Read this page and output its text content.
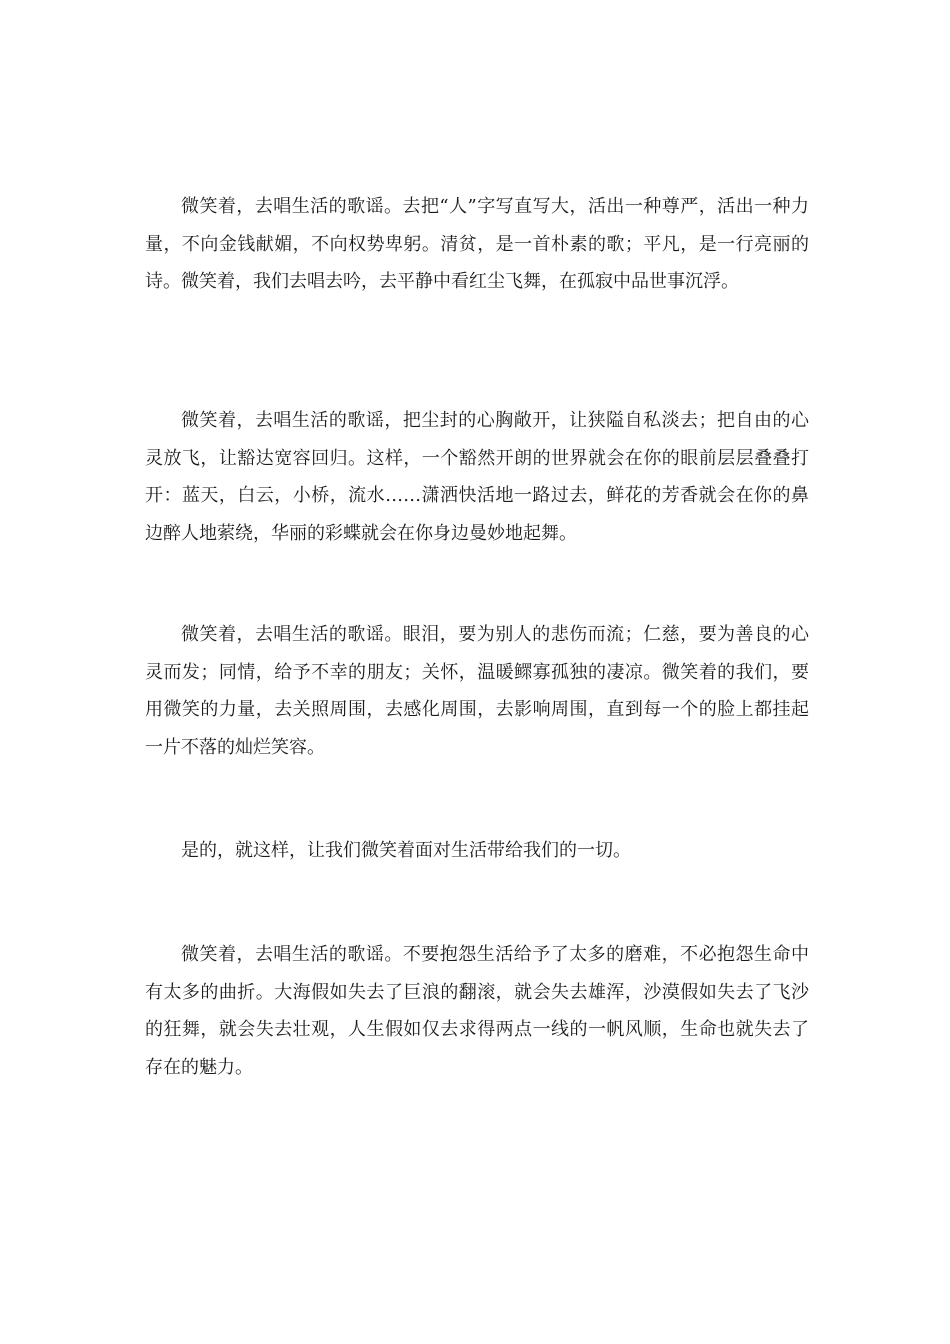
微笑着，去唱生活的歌谣。去把“人”字写直写大，活出一种尊严，活出一种力量，不向金钱献媚，不向权势卑躬。清贫，是一首朴素的歌；平凡，是一行亮丽的诗。微笑着，我们去唱去吟，去平静中看红尘飞舞，在孤寂中品世事沉浮。

微笑着，去唱生活的歌谣，把尘封的心胸敞开，让狭隘自私淡去；把自由的心灵放飞，让豁达宽容回归。这样，一个豁然开朗的世界就会在你的眼前层层叠叠打开：蓝天，白云，小桥，流水……潇洒快活地一路过去，鲜花的芳香就会在你的鼻边醉人地萦绕，华丽的彩蝶就会在你身边曼妙地起舞。

微笑着，去唱生活的歌谣。眼泪，要为别人的悲伤而流；仁慈，要为善良的心灵而发；同情，给予不幸的朋友；关怀，温暖鳏寡孤独的凄凉。微笑着的我们，要用微笑的力量，去关照周围，去感化周围，去影响周围，直到每一个的脸上都挂起一片不落的灿烂笑容。

是的，就这样，让我们微笑着面对生活带给我们的一切。

微笑着，去唱生活的歌谣。不要抱怨生活给予了太多的磨难，不必抱怨生命中有太多的曲折。大海假如失去了巨浪的翻滚，就会失去雄浑，沙漠假如失去了飞沙的狂舞，就会失去壮观，人生假如仅去求得两点一线的一帆风顺，生命也就失去了存在的魅力。
